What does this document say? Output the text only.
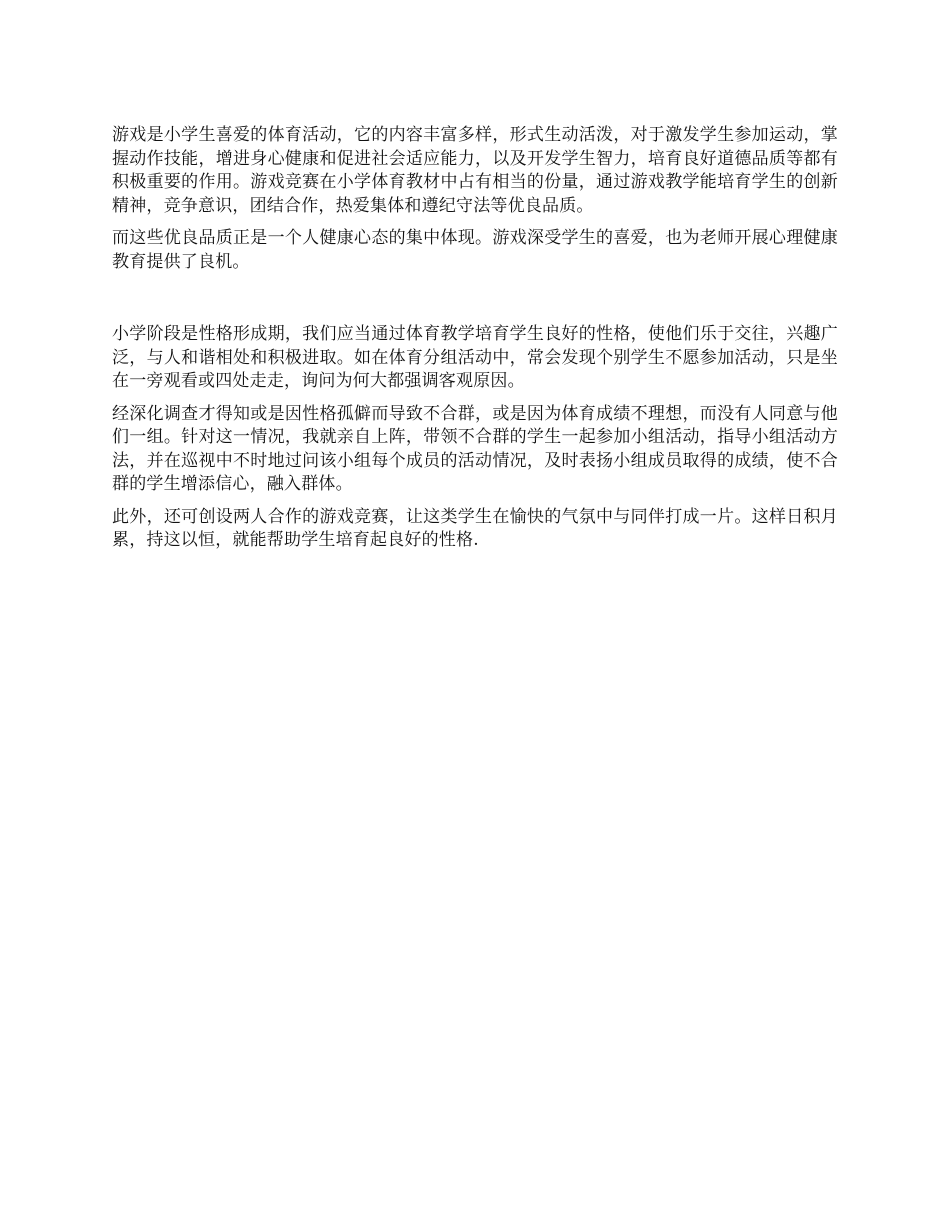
游戏是小学生喜爱的体育活动，它的内容丰富多样，形式生动活泼，对于激发学生参加运动，掌握动作技能，增进身心健康和促进社会适应能力，以及开发学生智力，培育良好道德品质等都有积极重要的作用。游戏竞赛在小学体育教材中占有相当的份量，通过游戏教学能培育学生的创新精神，竞争意识，团结合作，热爱集体和遵纪守法等优良品质。

而这些优良品质正是一个人健康心态的集中体现。游戏深受学生的喜爱，也为老师开展心理健康教育提供了良机。

小学阶段是性格形成期，我们应当通过体育教学培育学生良好的性格，使他们乐于交往，兴趣广泛，与人和谐相处和积极进取。如在体育分组活动中，常会发现个别学生不愿参加活动，只是坐在一旁观看或四处走走，询问为何大都强调客观原因。

经深化调查才得知或是因性格孤僻而导致不合群，或是因为体育成绩不理想，而没有人同意与他们一组。针对这一情况，我就亲自上阵，带领不合群的学生一起参加小组活动，指导小组活动方法，并在巡视中不时地过问该小组每个成员的活动情况，及时表扬小组成员取得的成绩，使不合群的学生增添信心，融入群体。

此外，还可创设两人合作的游戏竞赛，让这类学生在愉快的气氛中与同伴打成一片。这样日积月累，持这以恒，就能帮助学生培育起良好的性格.
